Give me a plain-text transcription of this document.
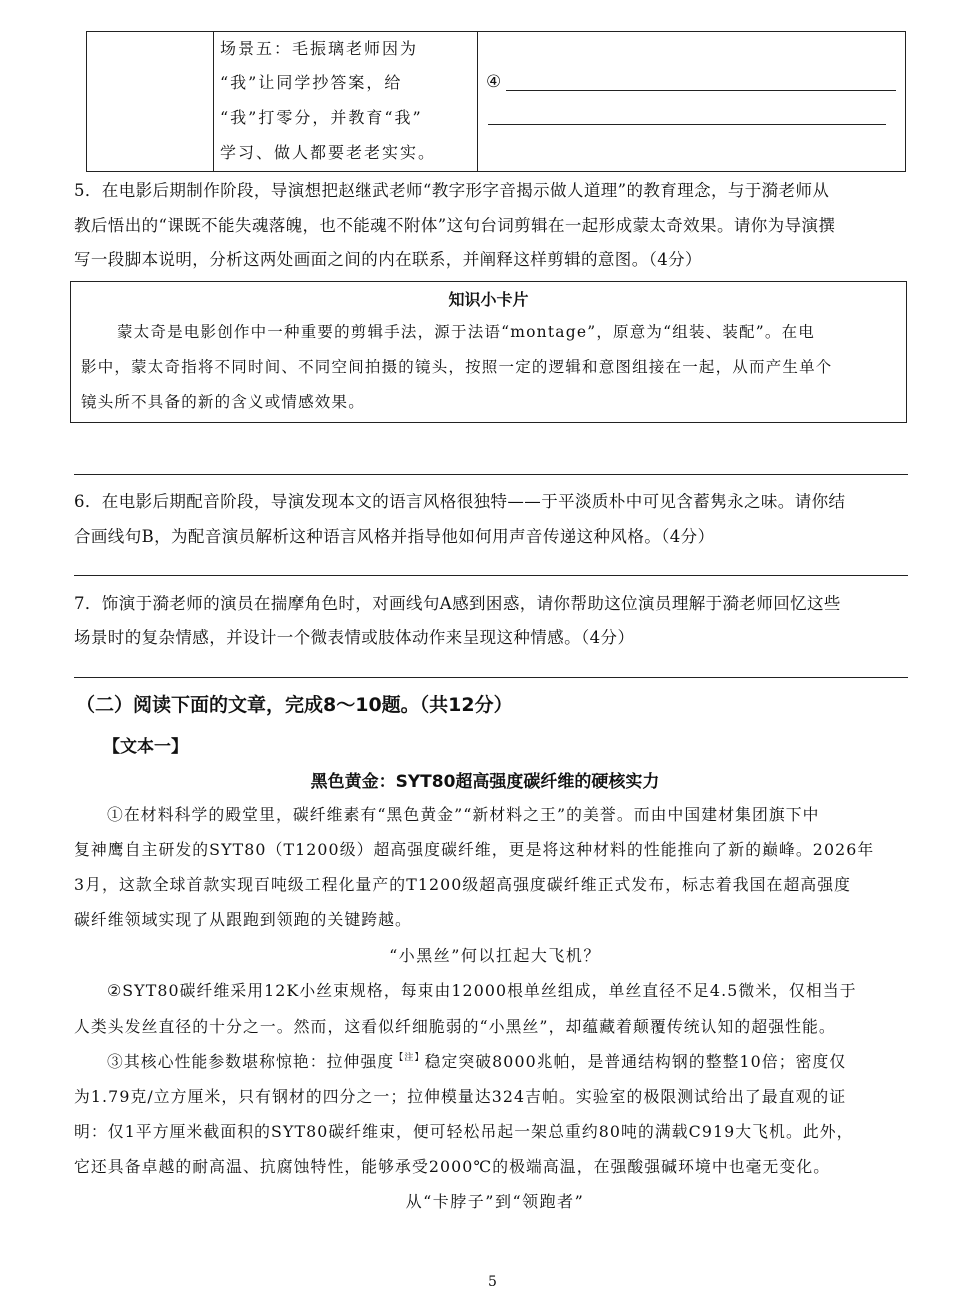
场景五：毛振璃老师因为
“我”让同学抄答案，给
“我”打零分，并教育“我”
学习、做人都要老老实实。
④
5．在电影后期制作阶段，导演想把赵继武老师“教字形字音揭示做人道理”的教育理念，与于漪老师从
教后悟出的“课既不能失魂落魄，也不能魂不附体”这句台词剪辑在一起形成蒙太奇效果。请你为导演撰
写一段脚本说明，分析这两处画面之间的内在联系，并阐释这样剪辑的意图。（4分）
知识小卡片
蒙太奇是电影创作中一种重要的剪辑手法，源于法语“montage”，原意为“组装、装配”。在电
影中，蒙太奇指将不同时间、不同空间拍摄的镜头，按照一定的逻辑和意图组接在一起，从而产生单个
镜头所不具备的新的含义或情感效果。
6．在电影后期配音阶段，导演发现本文的语言风格很独特——于平淡质朴中可见含蓄隽永之味。请你结
合画线句B，为配音演员解析这种语言风格并指导他如何用声音传递这种风格。（4分）
7．饰演于漪老师的演员在揣摩角色时，对画线句A感到困惑，请你帮助这位演员理解于漪老师回忆这些
场景时的复杂情感，并设计一个微表情或肢体动作来呈现这种情感。（4分）
（二）阅读下面的文章，完成8～10题。（共12分）
【文本一】
黑色黄金：SYT80超高强度碳纤维的硬核实力
①在材料科学的殿堂里，碳纤维素有“黑色黄金”“新材料之王”的美誉。而由中国建材集团旗下中
复神鹰自主研发的SYT80（T1200级）超高强度碳纤维，更是将这种材料的性能推向了新的巅峰。2026年
3月，这款全球首款实现百吨级工程化量产的T1200级超高强度碳纤维正式发布，标志着我国在超高强度
碳纤维领域实现了从跟跑到领跑的关键跨越。
“小黑丝”何以扛起大飞机？
②SYT80碳纤维采用12K小丝束规格，每束由12000根单丝组成，单丝直径不足4.5微米，仅相当于
人类头发丝直径的十分之一。然而，这看似纤细脆弱的“小黑丝”，却蕴藏着颠覆传统认知的超强性能。
③其核心性能参数堪称惊艳：拉伸强度$^{【注】}$稳定突破8000兆帕，是普通结构钢的整整10倍；密度仅
为1.79克/立方厘米，只有钢材的四分之一；拉伸模量达324吉帕。实验室的极限测试给出了最直观的证
明：仅1平方厘米截面积的SYT80碳纤维束，便可轻松吊起一架总重约80吨的满载C919大飞机。此外，
它还具备卓越的耐高温、抗腐蚀特性，能够承受2000℃的极端高温，在强酸强碱环境中也毫无变化。
从“卡脖子”到“领跑者”
5
